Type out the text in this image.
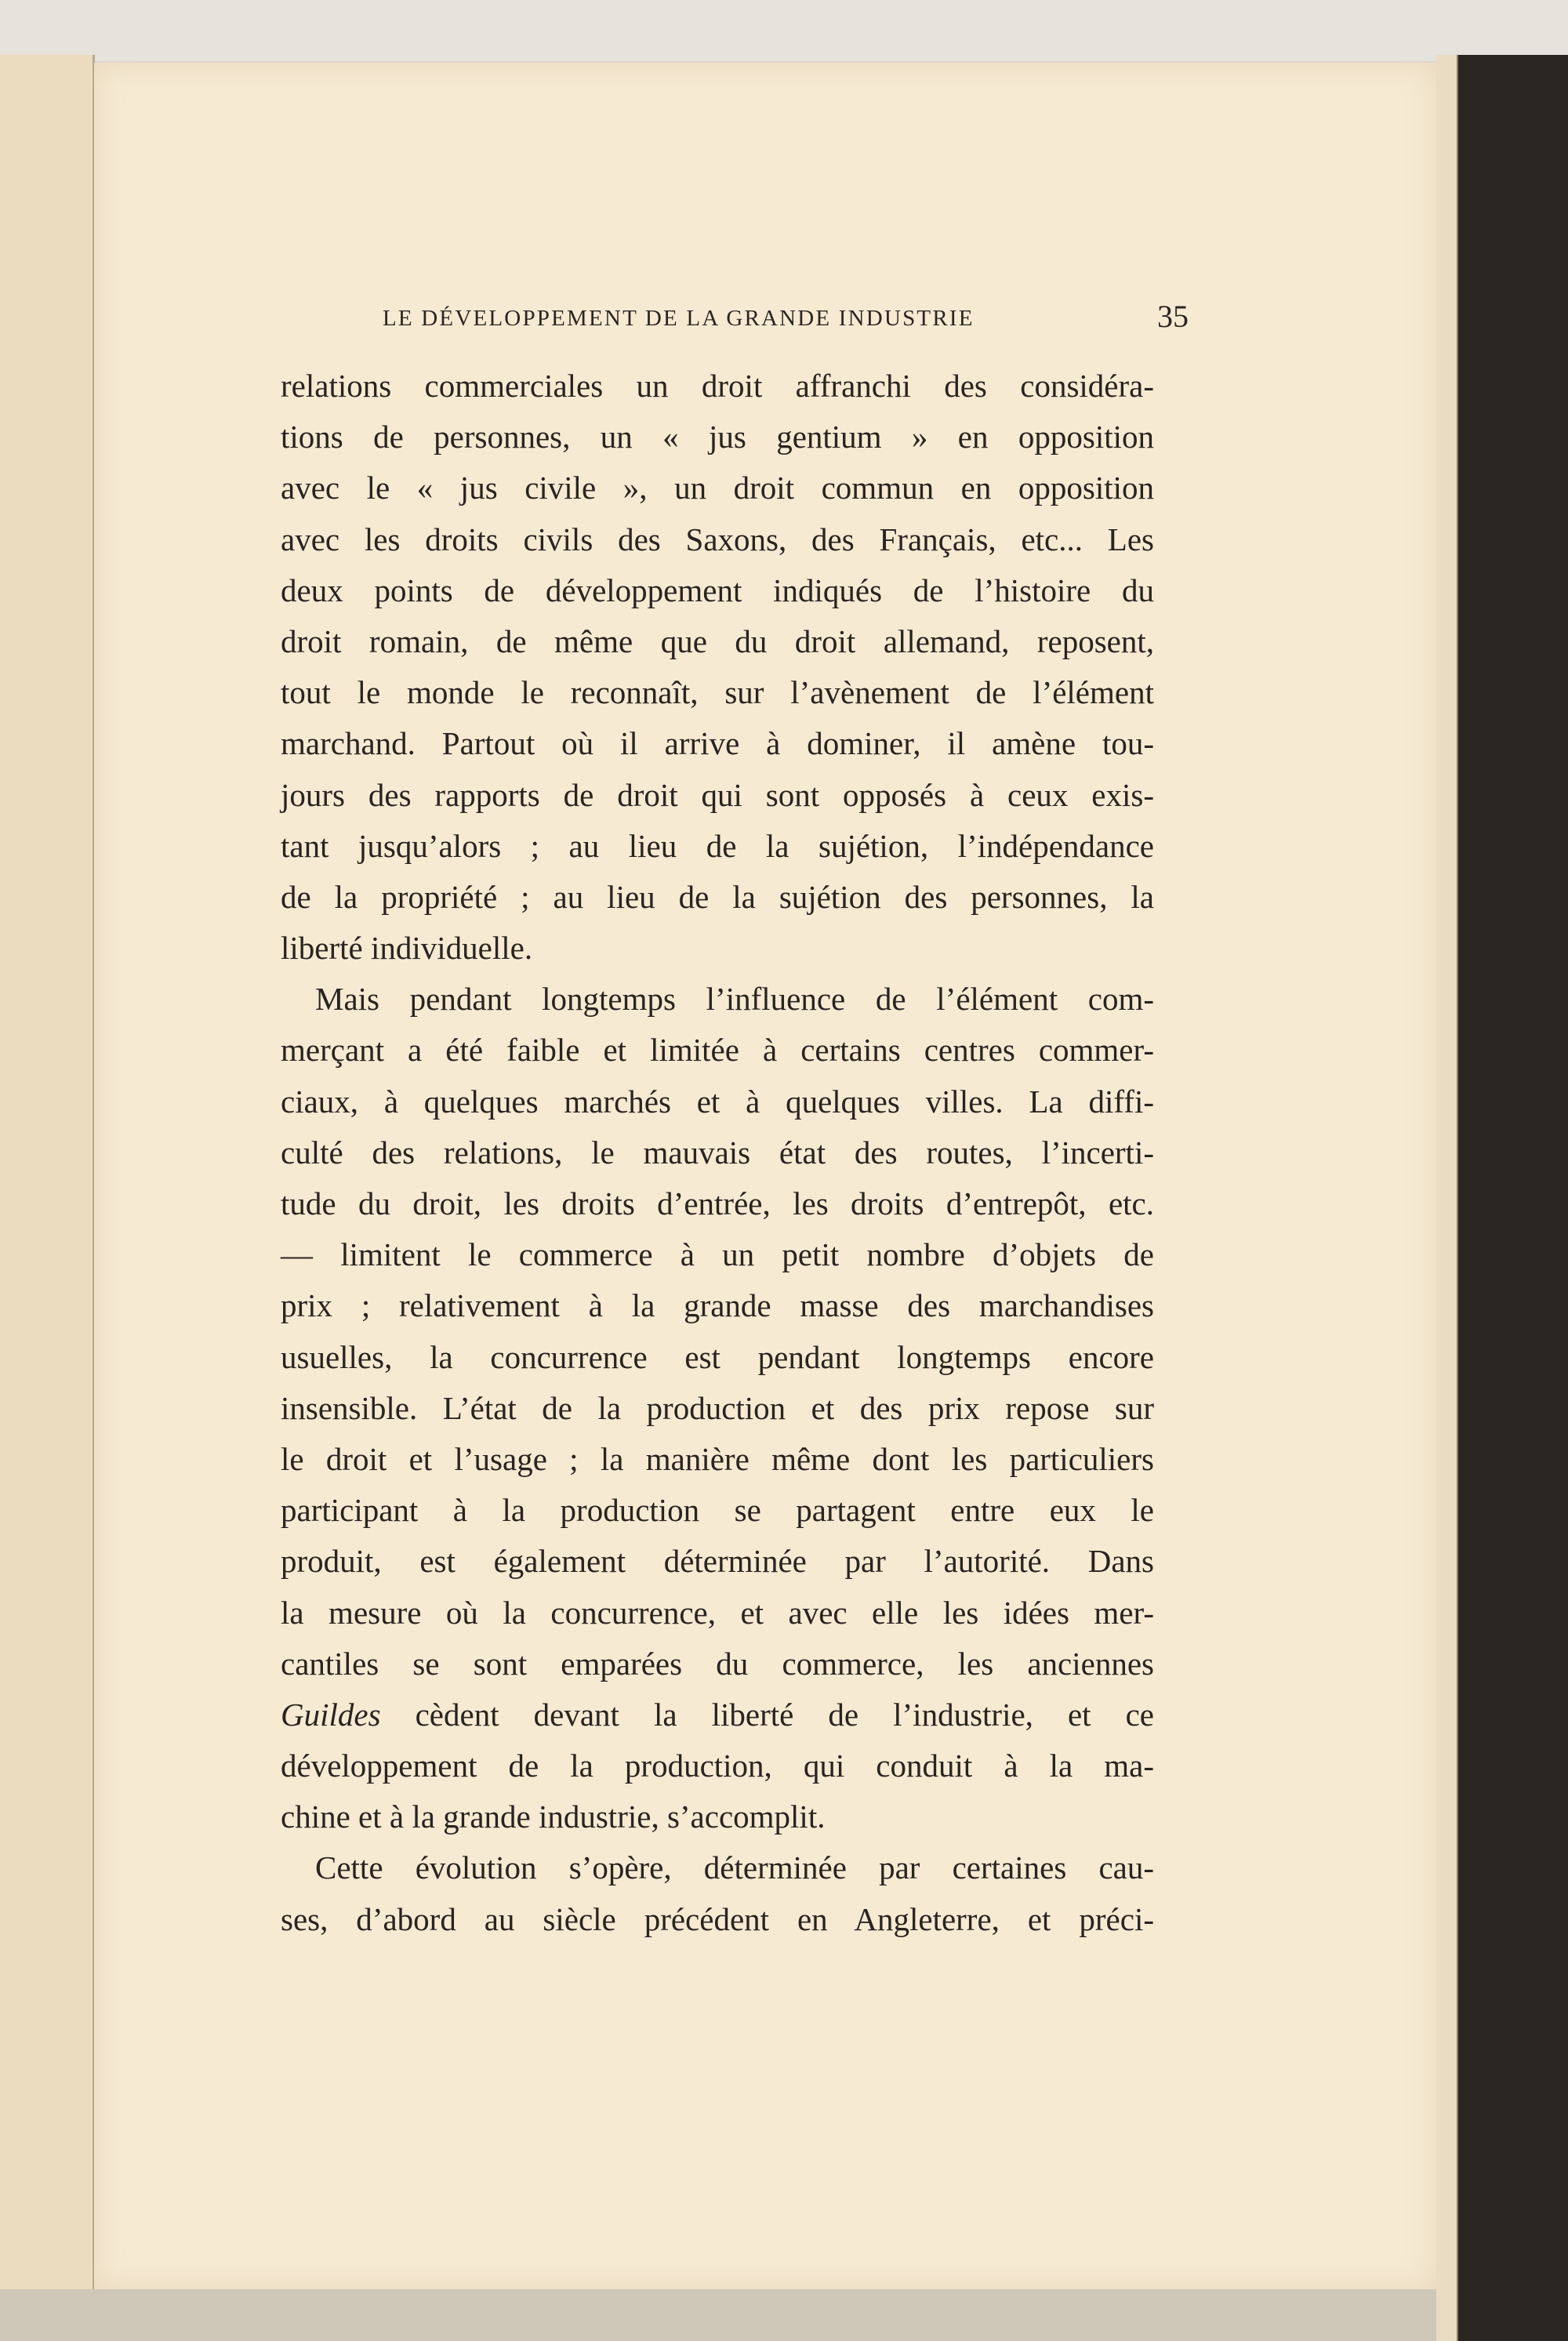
LE DÉVELOPPEMENT DE LA GRANDE INDUSTRIE	35
relations commerciales un droit affranchi des considéra-
tions de personnes, un « jus gentium » en opposition
avec le « jus civile », un droit commun en opposition
avec les droits civils des Saxons, des Français, etc... Les
deux points de développement indiqués de l’histoire du
droit romain, de même que du droit allemand, reposent,
tout le monde le reconnaît, sur l’avènement de l’élément
marchand. Partout où il arrive à dominer, il amène tou-
jours des rapports de droit qui sont opposés à ceux exis-
tant jusqu’alors ; au lieu de la sujétion, l’indépendance
de la propriété ; au lieu de la sujétion des personnes, la
liberté individuelle.
Mais pendant longtemps l’influence de l’élément com-
merçant a été faible et limitée à certains centres commer-
ciaux, à quelques marchés et à quelques villes. La diffi-
culté des relations, le mauvais état des routes, l’incerti-
tude du droit, les droits d’entrée, les droits d’entrepôt, etc.
— limitent le commerce à un petit nombre d’objets de
prix ; relativement à la grande masse des marchandises
usuelles, la concurrence est pendant longtemps encore
insensible. L’état de la production et des prix repose sur
le droit et l’usage ; la manière même dont les particuliers
participant à la production se partagent entre eux le
produit, est également déterminée par l’autorité. Dans
la mesure où la concurrence, et avec elle les idées mer-
cantiles se sont emparées du commerce, les anciennes
Guildes cèdent devant la liberté de l’industrie, et ce
développement de la production, qui conduit à la ma-
chine et à la grande industrie, s’accomplit.
Cette évolution s’opère, déterminée par certaines cau-
ses, d’abord au siècle précédent en Angleterre, et préci-
